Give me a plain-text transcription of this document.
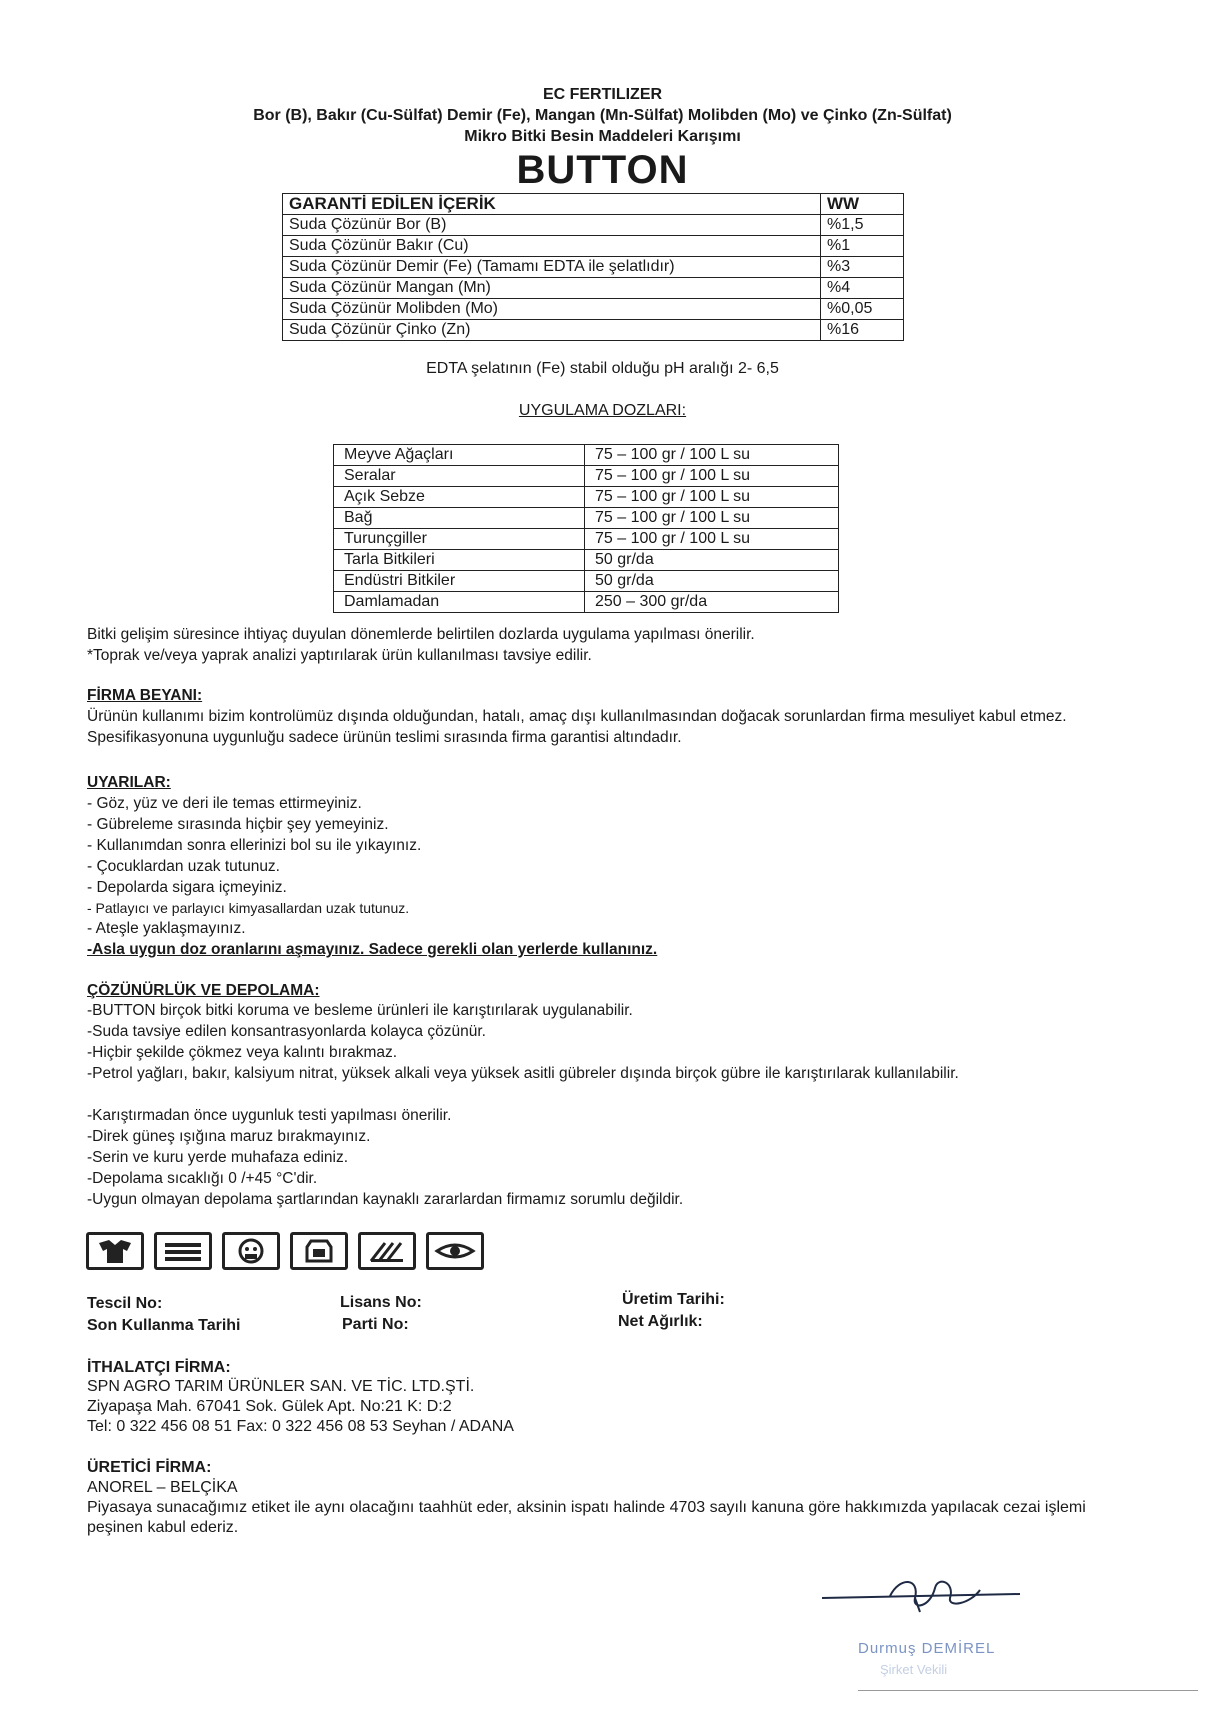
EC FERTILIZER
Bor (B), Bakır (Cu-Sülfat) Demir (Fe), Mangan (Mn-Sülfat) Molibden (Mo) ve Çinko (Zn-Sülfat)
Mikro Bitki Besin Maddeleri Karışımı
BUTTON
GARANTİ EDİLEN İÇERİK	WW
Suda Çözünür Bor (B)	%1,5
Suda Çözünür Bakır (Cu)	%1
Suda Çözünür Demir (Fe) (Tamamı EDTA ile şelatlıdır)	%3
Suda Çözünür Mangan (Mn)	%4
Suda Çözünür Molibden (Mo)	%0,05
Suda Çözünür Çinko (Zn)	%16
EDTA şelatının (Fe) stabil olduğu pH aralığı 2- 6,5
UYGULAMA DOZLARI:
Meyve Ağaçları	75 – 100 gr / 100 L su
Seralar	75 – 100 gr / 100 L su
Açık Sebze	75 – 100 gr / 100 L su
Bağ	75 – 100 gr / 100 L su
Turunçgiller	75 – 100 gr / 100 L su
Tarla Bitkileri	50 gr/da
Endüstri Bitkiler	50 gr/da
Damlamadan	250 – 300 gr/da
Bitki gelişim süresince ihtiyaç duyulan dönemlerde belirtilen dozlarda uygulama yapılması önerilir.
*Toprak ve/veya yaprak analizi yaptırılarak ürün kullanılması tavsiye edilir.
FİRMA BEYANI:
Ürünün kullanımı bizim kontrolümüz dışında olduğundan, hatalı, amaç dışı kullanılmasından doğacak sorunlardan firma mesuliyet kabul etmez. Spesifikasyonuna uygunluğu sadece ürünün teslimi sırasında firma garantisi altındadır.
UYARILAR:
- Göz, yüz ve deri ile temas ettirmeyiniz.
- Gübreleme sırasında hiçbir şey yemeyiniz.
- Kullanımdan sonra ellerinizi bol su ile yıkayınız.
- Çocuklardan uzak tutunuz.
- Depolarda sigara içmeyiniz.
- Patlayıcı ve parlayıcı kimyasallardan uzak tutunuz.
- Ateşle yaklaşmayınız.
-Asla uygun doz oranlarını aşmayınız. Sadece gerekli olan yerlerde kullanınız.
ÇÖZÜNÜRLÜK VE DEPOLAMA:
-BUTTON birçok bitki koruma ve besleme ürünleri ile karıştırılarak uygulanabilir.
-Suda tavsiye edilen konsantrasyonlarda kolayca çözünür.
-Hiçbir şekilde çökmez veya kalıntı bırakmaz.
-Petrol yağları, bakır, kalsiyum nitrat, yüksek alkali veya yüksek asitli gübreler dışında birçok gübre ile karıştırılarak kullanılabilir.
-Karıştırmadan önce uygunluk testi yapılması önerilir.
-Direk güneş ışığına maruz bırakmayınız.
-Serin ve kuru yerde muhafaza ediniz.
-Depolama sıcaklığı 0 /+45 °C'dir.
-Uygun olmayan depolama şartlarından kaynaklı zararlardan firmamız sorumlu değildir.
Tescil No:
Son Kullanma Tarihi
Lisans No:
Parti No:
Üretim Tarihi:
Net Ağırlık:
İTHALATÇI FİRMA:
SPN AGRO TARIM ÜRÜNLER SAN. VE TİC. LTD.ŞTİ.
Ziyapaşa Mah. 67041 Sok. Gülek Apt. No:21 K: D:2
Tel: 0 322 456 08 51 Fax: 0 322 456 08 53 Seyhan / ADANA
ÜRETİCİ FİRMA:
ANOREL – BELÇİKA
Piyasaya sunacağımız etiket ile aynı olacağını taahhüt eder, aksinin ispatı halinde 4703 sayılı kanuna göre hakkımızda yapılacak cezai işlemi peşinen kabul ederiz.
Durmuş DEMİREL
Şirket Vekili
